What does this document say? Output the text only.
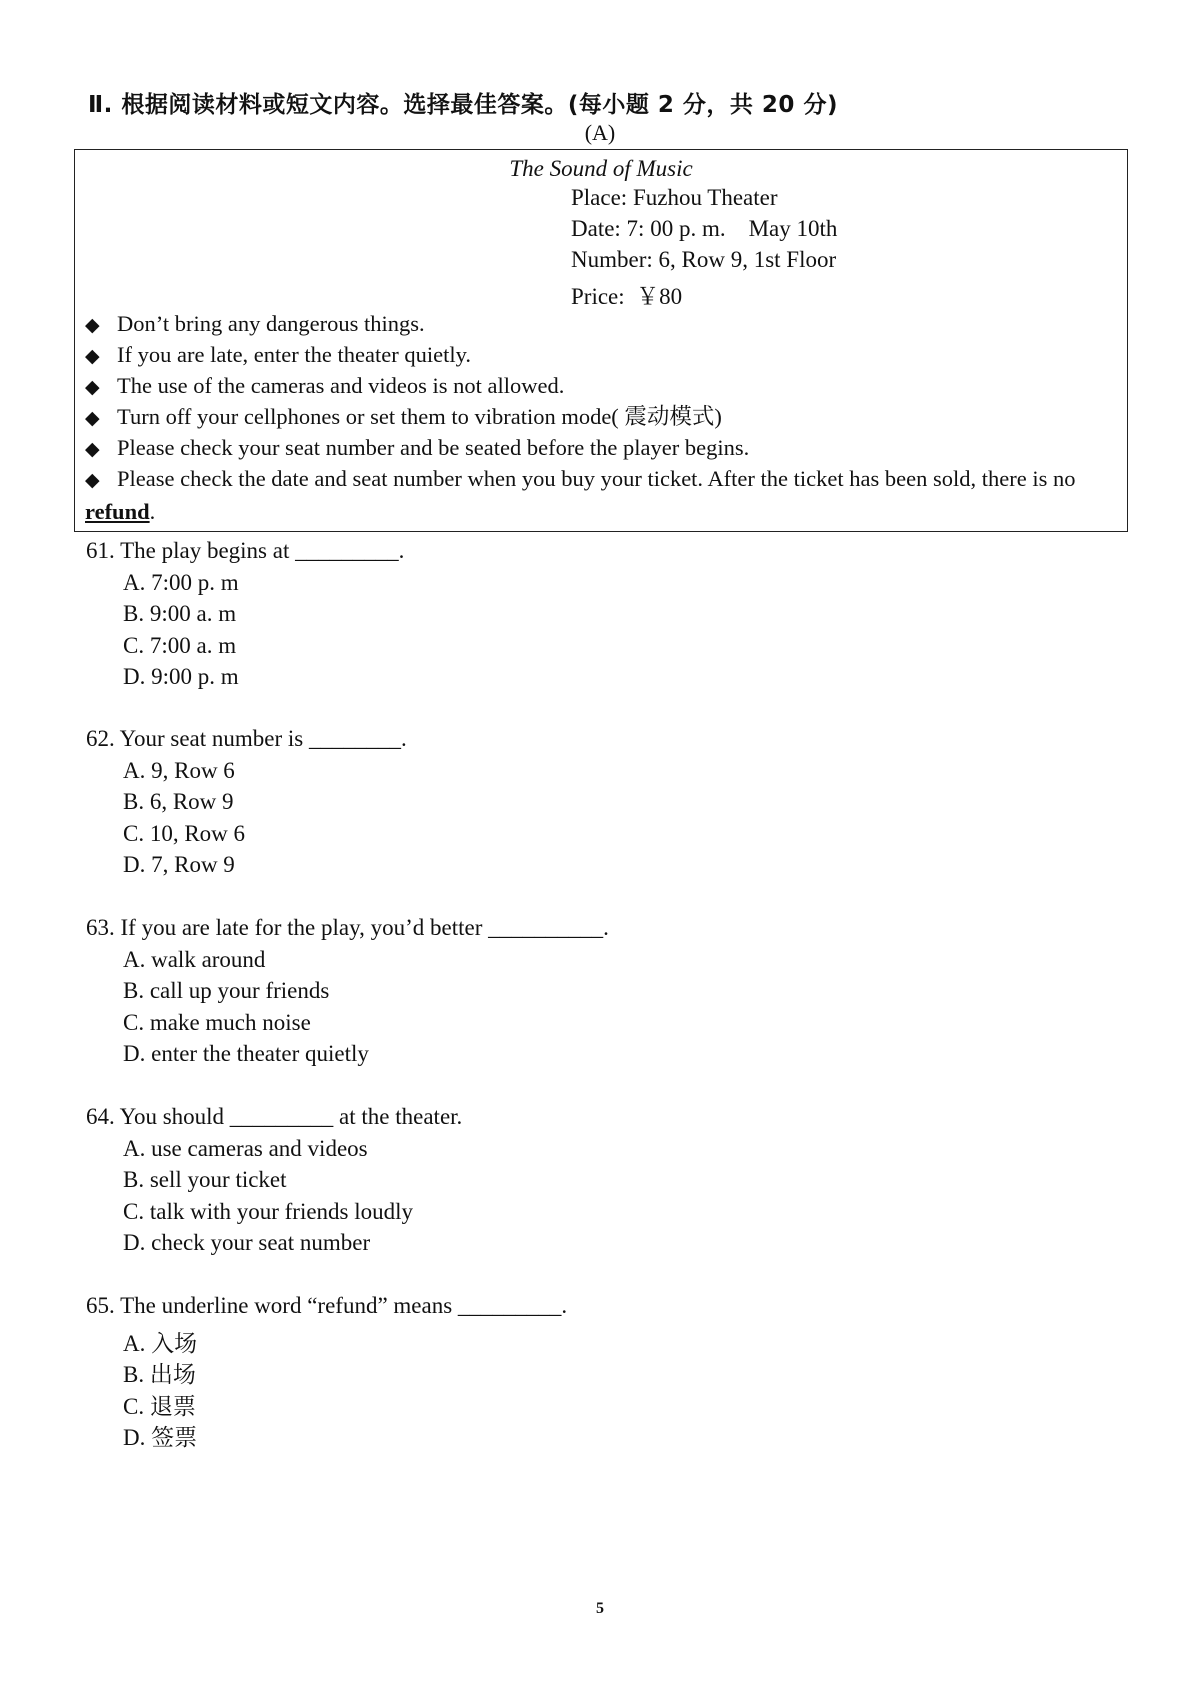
Ⅱ. 根据阅读材料或短文内容。选择最佳答案。(每小题 2 分，共 20 分)
(A)
The Sound of Music
Place: Fuzhou Theater
Date: 7: 00 p. m.    May 10th
Number: 6, Row 9, 1st Floor
Price:  ￥80
◆ Don’t bring any dangerous things.
◆ If you are late, enter the theater quietly.
◆ The use of the cameras and videos is not allowed.
◆ Turn off your cellphones or set them to vibration mode( 震动模式)
◆ Please check your seat number and be seated before the player begins.
◆ Please check the date and seat number when you buy your ticket. After the ticket has been sold, there is no refund.
61. The play begins at _________.
A. 7:00 p. m
B. 9:00 a. m
C. 7:00 a. m
D. 9:00 p. m
62. Your seat number is ________.
A. 9, Row 6
B. 6, Row 9
C. 10, Row 6
D. 7, Row 9
63. If you are late for the play, you’d better __________.
A. walk around
B. call up your friends
C. make much noise
D. enter the theater quietly
64. You should _________ at the theater.
A. use cameras and videos
B. sell your ticket
C. talk with your friends loudly
D. check your seat number
65. The underline word “refund” means _________.
A. 入场
B. 出场
C. 退票
D. 签票
5
